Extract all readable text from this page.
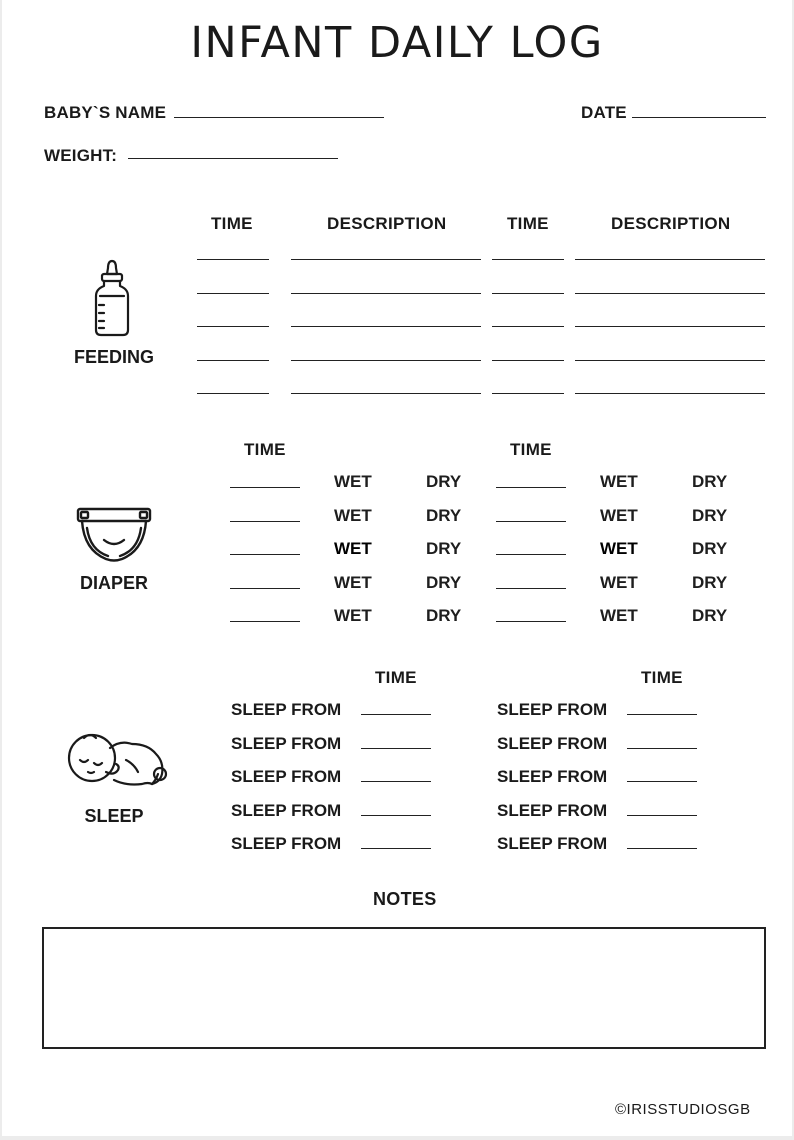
INFANT DAILY LOG
BABY`S NAME	DATE
WEIGHT:
TIME	DESCRIPTION	TIME	DESCRIPTION
FEEDING
TIME	TIME
WET	DRY	WET	DRY
WET	DRY	WET	DRY
WET	DRY	WET	DRY
WET	DRY	WET	DRY
WET	DRY	WET	DRY
DIAPER
TIME	TIME
SLEEP FROM	SLEEP FROM
SLEEP FROM	SLEEP FROM
SLEEP FROM	SLEEP FROM
SLEEP FROM	SLEEP FROM
SLEEP FROM	SLEEP FROM
SLEEP
NOTES
©IRISSTUDIOSGB
